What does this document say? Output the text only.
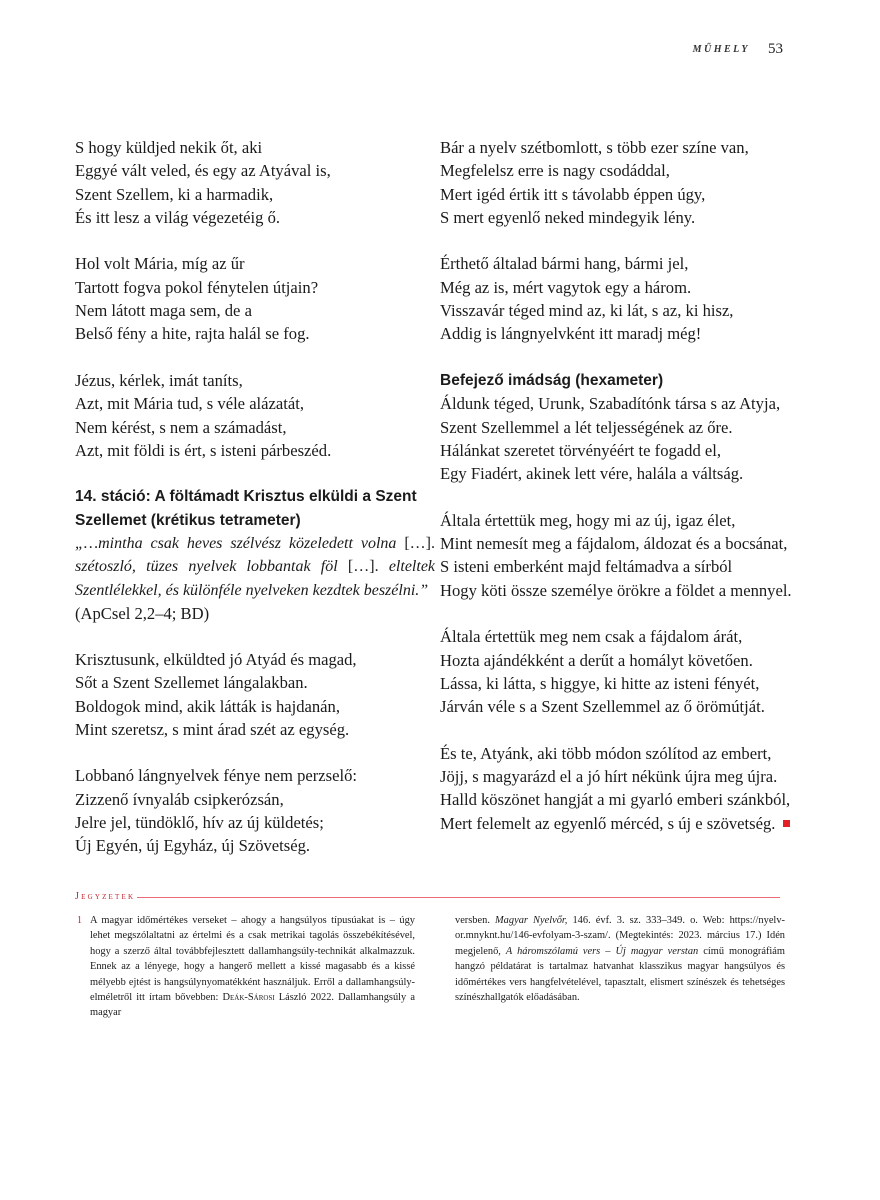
MŰHELY 53
S hogy küldjed nekik őt, aki
Eggyé vált veled, és egy az Atyával is,
Szent Szellem, ki a harmadik,
És itt lesz a világ végezetéig ő.
Hol volt Mária, míg az űr
Tartott fogva pokol fénytelen útjain?
Nem látott maga sem, de a
Belső fény a hite, rajta halál se fog.
Jézus, kérlek, imát taníts,
Azt, mit Mária tud, s véle alázatát,
Nem kérést, s nem a számadást,
Azt, mit földi is ért, s isteni párbeszéd.
14. stáció: A föltámadt Krisztus elküldi a Szent Szellemet (krétikus tetrameter)
„…mintha csak heves szélvész közeledett volna […]. szétoszló, tüzes nyelvek lobbantak föl […]. elteltek Szentlélekkel, és különféle nyelveken kezdtek beszélni.”
(ApCsel 2,2–4; BD)
Krisztusunk, elküldted jó Atyád és magad,
Sőt a Szent Szellemet lángalakban.
Boldogok mind, akik látták is hajdanán,
Mint szeretsz, s mint árad szét az egység.
Lobbanó lángnyelvek fénye nem perzselő:
Zizzenő ívnyaláb csipkerózsán,
Jelre jel, tündöklő, hív az új küldetés;
Új Egyén, új Egyház, új Szövetség.
Bár a nyelv szétbomlott, s több ezer színe van,
Megfelelsz erre is nagy csodáddal,
Mert igéd értik itt s távolabb éppen úgy,
S mert egyenlő neked mindegyik lény.
Érthető általad bármi hang, bármi jel,
Még az is, mért vagytok egy a három.
Visszavár téged mind az, ki lát, s az, ki hisz,
Addig is lángnyelvként itt maradj még!
Befejező imádság (hexameter)
Áldunk téged, Urunk, Szabadítónk társa s az Atyja,
Szent Szellemmel a lét teljességének az őre.
Hálánkat szeretet törvényéért te fogadd el,
Egy Fiadért, akinek lett vére, halála a váltság.
Általa értettük meg, hogy mi az új, igaz élet,
Mint nemesít meg a fájdalom, áldozat és a bocsánat,
S isteni emberként majd feltámadva a sírból
Hogy köti össze személye örökre a földet a mennyel.
Általa értettük meg nem csak a fájdalom árát,
Hozta ajándékként a derűt a homályt követően.
Lássa, ki látta, s higgye, ki hitte az isteni fényét,
Járván véle s a Szent Szellemmel az ő örömútját.
És te, Atyánk, aki több módon szólítod az embert,
Jöjj, s magyarázd el a jó hírt nékünk újra meg újra.
Halld köszönet hangját a mi gyarló emberi szánkból,
Mert felemelt az egyenlő mércéd, s új e szövetség.
Jegyzetek
1 A magyar időmértékes verseket – ahogy a hangsúlyos típusúakat is – úgy lehet megszólaltatni az értelmi és a csak metrikai tagolás összebékítésével, hogy a szerző által továbbfejlesztett dallamhangsúly-technikát alkalmazzuk. Ennek az a lényege, hogy a hangerő mellett a kissé magasabb és a kissé mélyebb ejtést is hangsúlynyomatékként használjuk. Erről a dallamhangsúly-elméletről itt írtam bővebben: Deák-Sárosi László 2022. Dallamhangsúly a magyar
versben. Magyar Nyelvőr, 146. évf. 3. sz. 333–349. o. Web: https://nyelvor.mnyknt.hu/146-evfolyam-3-szam/. (Megtekintés: 2023. március 17.) Idén megjelenő, A háromszólamú vers – Új magyar verstan című monográfiám hangzó példatárat is tartalmaz hatvanhat klasszikus magyar hangsúlyos és időmértékes vers hangfelvételével, tapasztalt, elismert színészek és tehetséges színészhallgatók előadásában.
